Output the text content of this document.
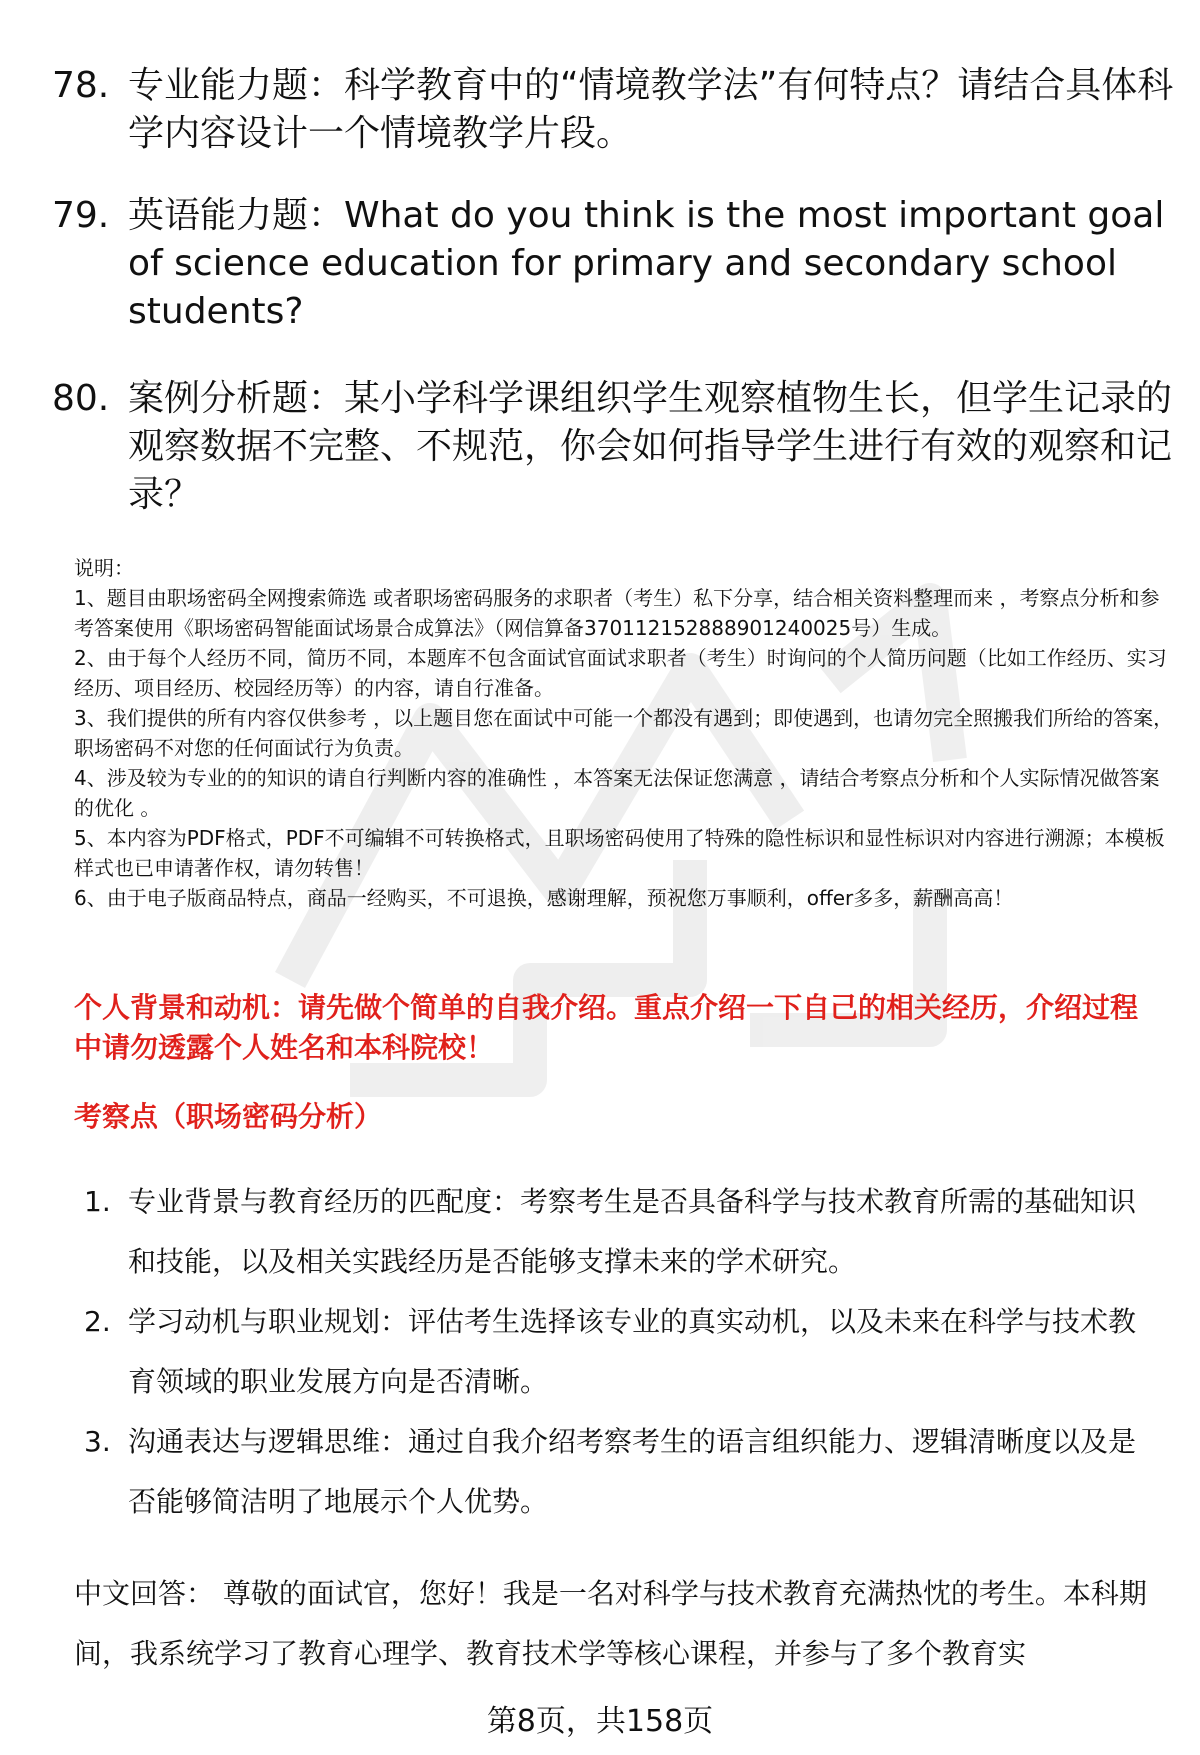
78. 专业能力题：科学教育中的“情境教学法”有何特点？请结合具体科学内容设计一个情境教学片段。
79. 英语能力题：What do you think is the most important goal of science education for primary and secondary school students?
80. 案例分析题：某小学科学课组织学生观察植物生长，但学生记录的观察数据不完整、不规范，你会如何指导学生进行有效的观察和记录？
说明：
1、题目由职场密码全网搜索筛选 或者职场密码服务的求职者（考生）私下分享，结合相关资料整理而来 ，考察点分析和参考答案使用《职场密码智能面试场景合成算法》（网信算备370112152888901240025号）生成。
2、由于每个人经历不同，简历不同，本题库不包含面试官面试求职者（考生）时询问的个人简历问题（比如工作经历、实习经历、项目经历、校园经历等）的内容，请自行准备。
3、我们提供的所有内容仅供参考 ，以上题目您在面试中可能一个都没有遇到；即使遇到，也请勿完全照搬我们所给的答案，职场密码不对您的任何面试行为负责。
4、涉及较为专业的的知识的请自行判断内容的准确性 ，本答案无法保证您满意 ，请结合考察点分析和个人实际情况做答案的优化 。
5、本内容为PDF格式，PDF不可编辑不可转换格式，且职场密码使用了特殊的隐性标识和显性标识对内容进行溯源；本模板样式也已申请著作权，请勿转售！
6、由于电子版商品特点，商品一经购买，不可退换，感谢理解，预祝您万事顺利，offer多多，薪酬高高！
个人背景和动机：请先做个简单的自我介绍。重点介绍一下自己的相关经历，介绍过程中请勿透露个人姓名和本科院校！
考察点（职场密码分析）
1. 专业背景与教育经历的匹配度：考察考生是否具备科学与技术教育所需的基础知识和技能，以及相关实践经历是否能够支撑未来的学术研究。
2. 学习动机与职业规划：评估考生选择该专业的真实动机，以及未来在科学与技术教育领域的职业发展方向是否清晰。
3. 沟通表达与逻辑思维：通过自我介绍考察考生的语言组织能力、逻辑清晰度以及是否能够简洁明了地展示个人优势。
中文回答： 尊敬的面试官，您好！我是一名对科学与技术教育充满热忱的考生。本科期间，我系统学习了教育心理学、教育技术学等核心课程，并参与了多个教育实
第8页，共158页
